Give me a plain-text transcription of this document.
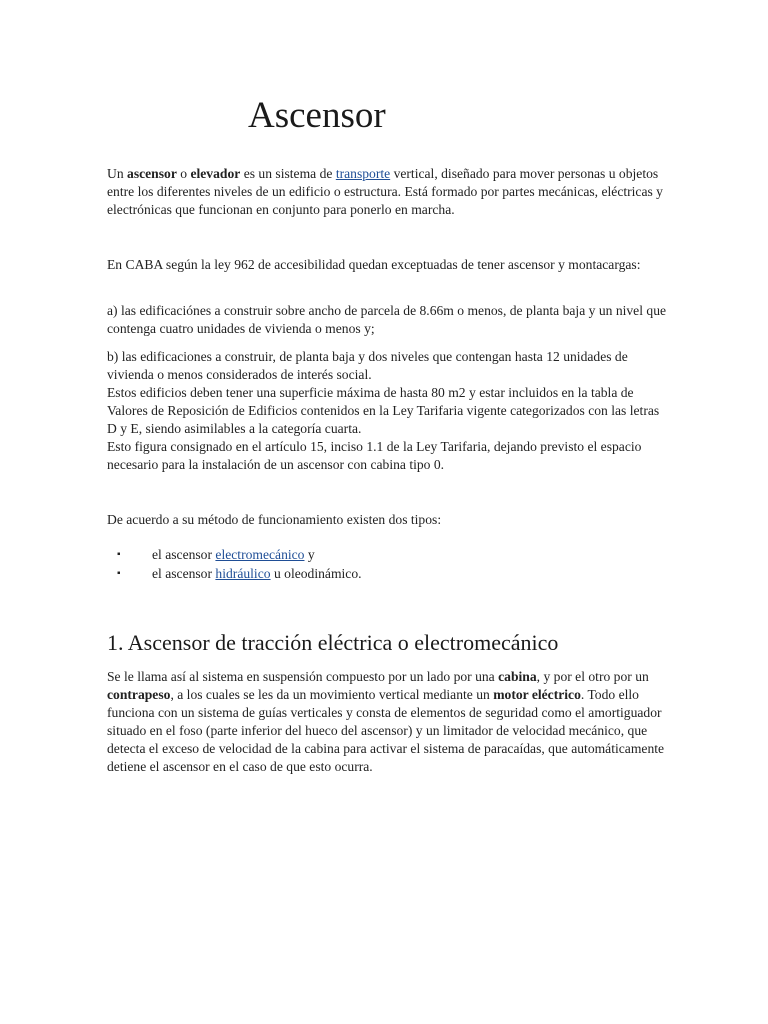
Ascensor

Un ascensor o elevador es un sistema de transporte vertical, diseñado para mover personas u objetos entre los diferentes niveles de un edificio o estructura. Está formado por partes mecánicas, eléctricas y electrónicas que funcionan en conjunto para ponerlo en marcha.

En CABA según la ley 962 de accesibilidad quedan exceptuadas de tener ascensor y montacargas:

a) las edificaciónes a construir sobre ancho de parcela de 8.66m o menos, de planta baja y un nivel que contenga cuatro unidades de vivienda o menos y;

b) las edificaciones a construir, de planta baja y dos niveles que contengan hasta 12 unidades de vivienda o menos considerados de interés social.

Estos edificios deben tener una superficie máxima de hasta 80 m2 y estar incluidos en la tabla de Valores de Reposición de Edificios contenidos en la Ley Tarifaria vigente categorizados con las letras D y E, siendo asimilables a la categoría cuarta.

Esto figura consignado en el artículo 15, inciso 1.1 de la Ley Tarifaria, dejando previsto el espacio necesario para la instalación de un ascensor con cabina tipo 0.

De acuerdo a su método de funcionamiento existen dos tipos:

▪ el ascensor electromecánico y
▪ el ascensor hidráulico u oleodinámico.
1. Ascensor de tracción eléctrica o electromecánico

Se le llama así al sistema en suspensión compuesto por un lado por una cabina, y por el otro por un contrapeso, a los cuales se les da un movimiento vertical mediante un motor eléctrico. Todo ello funciona con un sistema de guías verticales y consta de elementos de seguridad como el amortiguador situado en el foso (parte inferior del hueco del ascensor) y un limitador de velocidad mecánico, que detecta el exceso de velocidad de la cabina para activar el sistema de paracaídas, que automáticamente detiene el ascensor en el caso de que esto ocurra.
